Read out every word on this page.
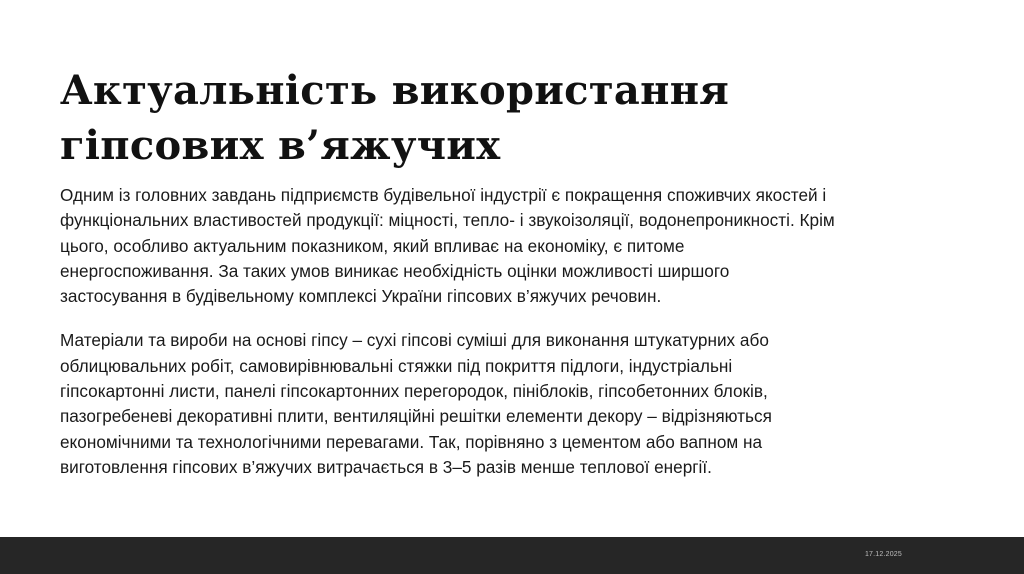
Актуальність використання
гіпсових в’яжучих

Одним із головних завдань підприємств будівельної індустрії є покращення споживчих якостей і
функціональних властивостей продукції: міцності, тепло- і звукоізоляції, водонепроникності. Крім
цього, особливо актуальним показником, який впливає на економіку, є питоме
енергоспоживання. За таких умов виникає необхідність оцінки можливості ширшого
застосування в будівельному комплексі України гіпсових в’яжучих речовин.

Матеріали та вироби на основі гіпсу – сухі гіпсові суміші для виконання штукатурних або
облицювальних робіт, самовирівнювальні стяжки під покриття підлоги, індустріальні
гіпсокартонні листи, панелі гіпсокартонних перегородок, пініблоків, гіпсобетонних блоків,
пазогребеневі декоративні плити, вентиляційні решітки елементи декору – відрізняються
економічними та технологічними перевагами. Так, порівняно з цементом або вапном на
виготовлення гіпсових в’яжучих витрачається в 3–5 разів менше теплової енергії.

17.12.2025
